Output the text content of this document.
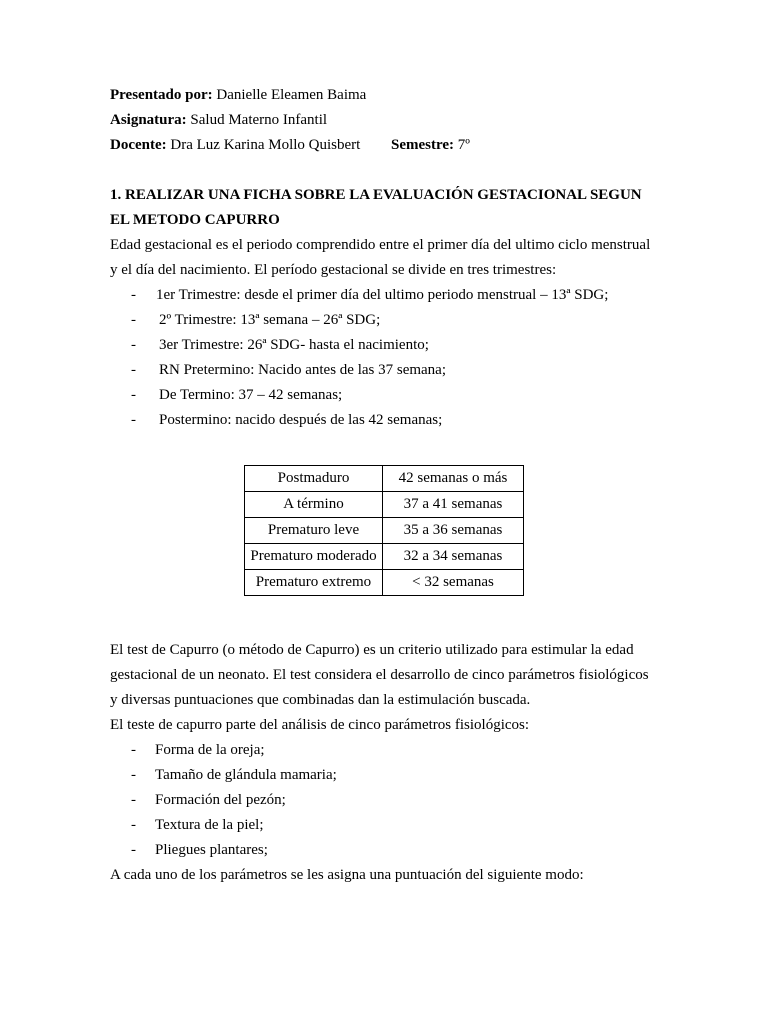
Presentado por: Danielle Eleamen Baima
Asignatura: Salud Materno Infantil
Docente: Dra Luz Karina Mollo Quisbert Semestre: 7º
1. REALIZAR UNA FICHA SOBRE LA EVALUACIÓN GESTACIONAL SEGUN
EL METODO CAPURRO
Edad gestacional es el periodo comprendido entre el primer día del ultimo ciclo menstrual
y el día del nacimiento. El período gestacional se divide en tres trimestres:
- 1er Trimestre: desde el primer día del ultimo periodo menstrual – 13ª SDG;
- 2º Trimestre: 13ª semana – 26ª SDG;
- 3er Trimestre: 26ª SDG- hasta el nacimiento;
- RN Pretermino: Nacido antes de las 37 semana;
- De Termino: 37 – 42 semanas;
- Postermino: nacido después de las 42 semanas;
Postmaduro	42 semanas o más
A término	37 a 41 semanas
Prematuro leve	35 a 36 semanas
Prematuro moderado	32 a 34 semanas
Prematuro extremo	< 32 semanas
El test de Capurro (o método de Capurro) es un criterio utilizado para estimular la edad
gestacional de un neonato. El test considera el desarrollo de cinco parámetros fisiológicos
y diversas puntuaciones que combinadas dan la estimulación buscada.
El teste de capurro parte del análisis de cinco parámetros fisiológicos:
- Forma de la oreja;
- Tamaño de glándula mamaria;
- Formación del pezón;
- Textura de la piel;
- Pliegues plantares;
A cada uno de los parámetros se les asigna una puntuación del siguiente modo:
